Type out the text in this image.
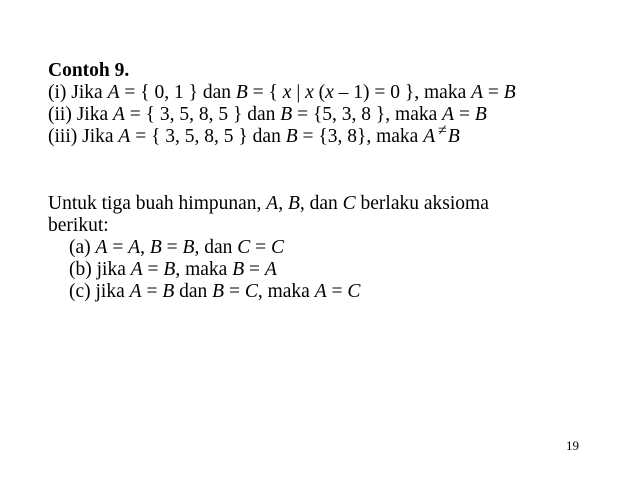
Contoh 9.
(i) Jika A = { 0, 1 } dan B = { x | x (x – 1) = 0 }, maka A = B
(ii) Jika A = { 3, 5, 8, 5 } dan B = {5, 3, 8 }, maka A = B
(iii) Jika A = { 3, 5, 8, 5 } dan B = {3, 8}, maka A ≠B
Untuk tiga buah himpunan, A, B, dan C berlaku aksioma
berikut:
(a) A = A, B = B, dan C = C
(b) jika A = B, maka B = A
(c) jika A = B dan B = C, maka A = C
19
